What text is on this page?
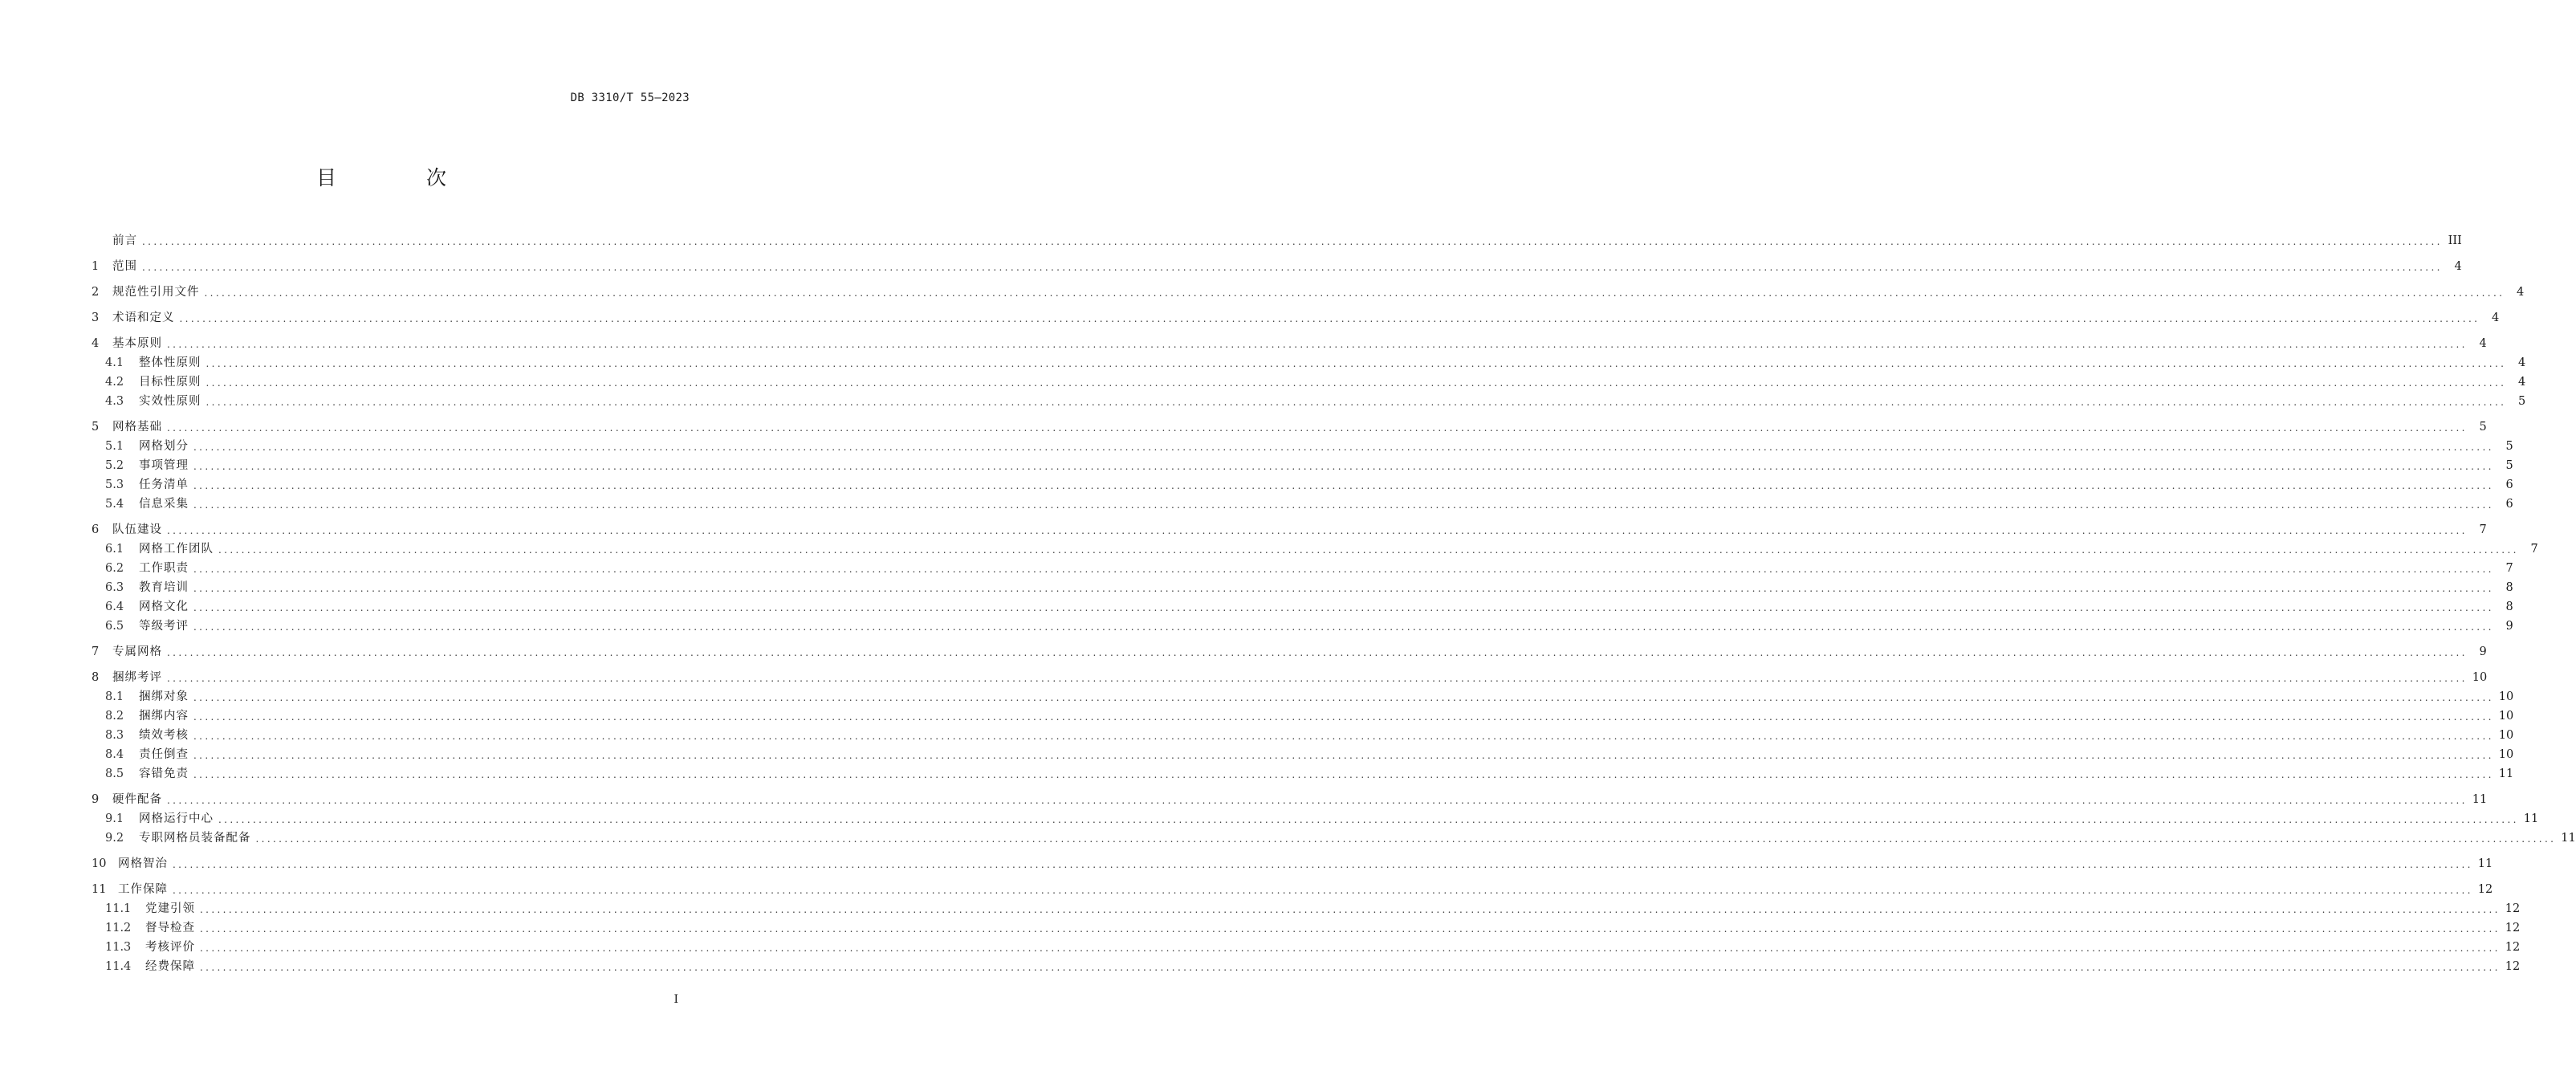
DB 3310/T 55—2023
目 次
前言 ................................................................................................................................................................................................................................................................................................................................................................................................................ III
1	范围 ................................................................................................................................................................................................................................................................................................................................................................................................................	4
2	规范性引用文件 ................................................................................................................................................................................................................................................................................................................................................................................................................	4
3	术语和定义 ................................................................................................................................................................................................................................................................................................................................................................................................................	4
4	基本原则 ................................................................................................................................................................................................................................................................................................................................................................................................................	4
4.1	整体性原则 ................................................................................................................................................................................................................................................................................................................................................................................................................	4
4.2	目标性原则 ................................................................................................................................................................................................................................................................................................................................................................................................................	4
4.3	实效性原则 ................................................................................................................................................................................................................................................................................................................................................................................................................	5
5	网格基础 ................................................................................................................................................................................................................................................................................................................................................................................................................	5
5.1	网格划分 ................................................................................................................................................................................................................................................................................................................................................................................................................	5
5.2	事项管理 ................................................................................................................................................................................................................................................................................................................................................................................................................	5
5.3	任务清单 ................................................................................................................................................................................................................................................................................................................................................................................................................	6
5.4	信息采集 ................................................................................................................................................................................................................................................................................................................................................................................................................	6
6	队伍建设 ................................................................................................................................................................................................................................................................................................................................................................................................................	7
6.1	网格工作团队 ................................................................................................................................................................................................................................................................................................................................................................................................................	7
6.2	工作职责 ................................................................................................................................................................................................................................................................................................................................................................................................................	7
6.3	教育培训 ................................................................................................................................................................................................................................................................................................................................................................................................................	8
6.4	网格文化 ................................................................................................................................................................................................................................................................................................................................................................................................................	8
6.5	等级考评 ................................................................................................................................................................................................................................................................................................................................................................................................................	9
7	专属网格 ................................................................................................................................................................................................................................................................................................................................................................................................................	9
8	捆绑考评 ................................................................................................................................................................................................................................................................................................................................................................................................................ 10
8.1	捆绑对象 ................................................................................................................................................................................................................................................................................................................................................................................................................ 10
8.2	捆绑内容 ................................................................................................................................................................................................................................................................................................................................................................................................................ 10
8.3	绩效考核 ................................................................................................................................................................................................................................................................................................................................................................................................................ 10
8.4	责任倒查 ................................................................................................................................................................................................................................................................................................................................................................................................................ 10
8.5	容错免责 ................................................................................................................................................................................................................................................................................................................................................................................................................ 11
9	硬件配备 ................................................................................................................................................................................................................................................................................................................................................................................................................ 11
9.1	网格运行中心 ................................................................................................................................................................................................................................................................................................................................................................................................................ 11
9.2	专职网格员装备配备 ................................................................................................................................................................................................................................................................................................................................................................................................................ 11
10	网格智治 ................................................................................................................................................................................................................................................................................................................................................................................................................ 11
11	工作保障 ................................................................................................................................................................................................................................................................................................................................................................................................................ 12
11.1	党建引领 ................................................................................................................................................................................................................................................................................................................................................................................................................ 12
11.2	督导检查 ................................................................................................................................................................................................................................................................................................................................................................................................................ 12
11.3	考核评价 ................................................................................................................................................................................................................................................................................................................................................................................................................ 12
11.4	经费保障 ................................................................................................................................................................................................................................................................................................................................................................................................................ 12
I
